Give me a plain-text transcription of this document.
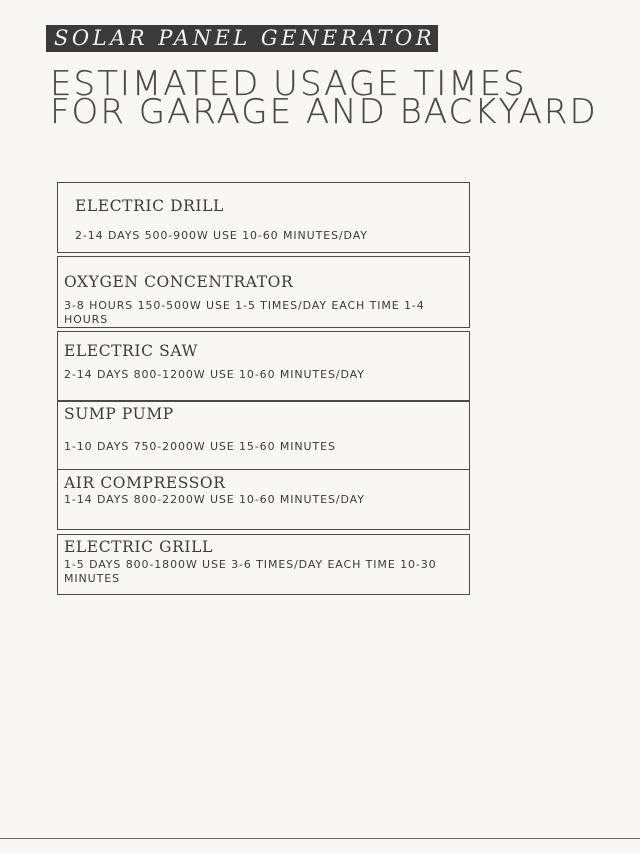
SOLAR PANEL GENERATOR
ESTIMATED USAGE TIMES FOR GARAGE AND BACKYARD
ELECTRIC DRILL
2-14 DAYS 500-900W USE 10-60 MINUTES/DAY
OXYGEN CONCENTRATOR
3-8 HOURS 150-500W USE 1-5 TIMES/DAY EACH TIME 1-4 HOURS
ELECTRIC SAW
2-14 DAYS 800-1200W USE 10-60 MINUTES/DAY
SUMP PUMP
1-10 DAYS 750-2000W USE 15-60 MINUTES
AIR COMPRESSOR
1-14 DAYS 800-2200W USE 10-60 MINUTES/DAY
ELECTRIC GRILL
1-5 DAYS 800-1800W USE 3-6 TIMES/DAY EACH TIME 10-30 MINUTES
